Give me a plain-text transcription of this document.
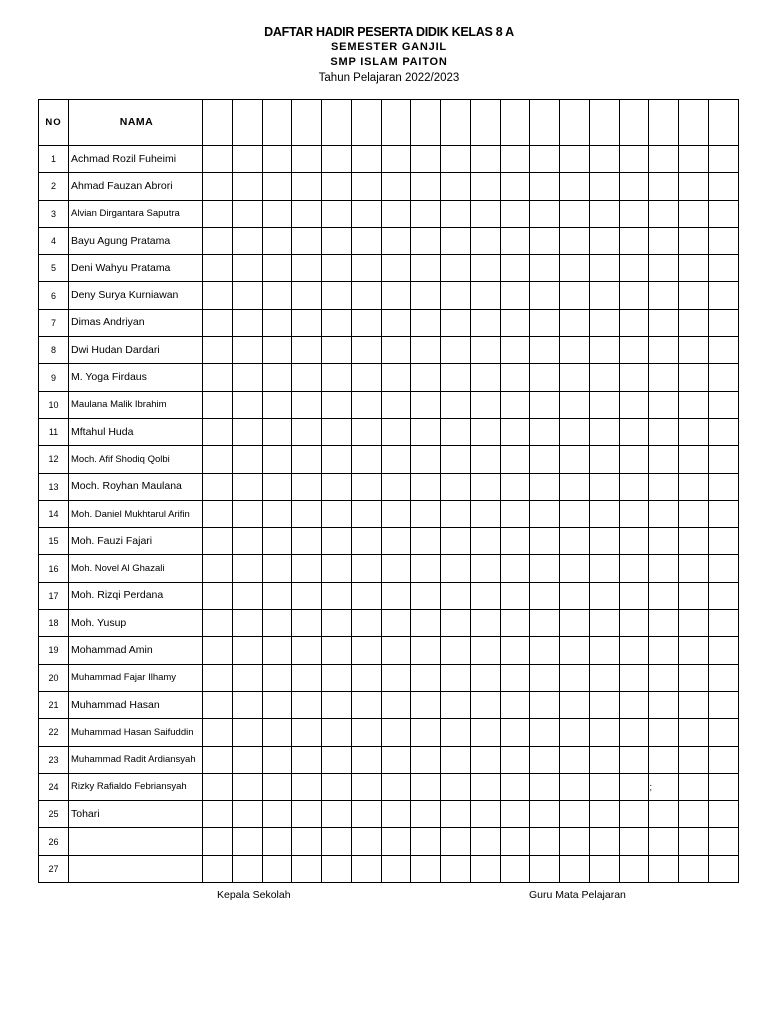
DAFTAR HADIR PESERTA DIDIK KELAS 8 A
SEMESTER GANJIL
SMP ISLAM PAITON
Tahun Pelajaran 2022/2023
NO	NAMA																		
1	Achmad Rozil Fuheimi																		
2	Ahmad Fauzan Abrori																		
3	Alvian Dirgantara Saputra																		
4	Bayu Agung Pratama																		
5	Deni Wahyu Pratama																		
6	Deny Surya Kurniawan																		
7	Dimas Andriyan																		
8	Dwi Hudan Dardari																		
9	M. Yoga Firdaus																		
10	Maulana Malik Ibrahim																		
11	Mftahul Huda																		
12	Moch. Afif Shodiq Qolbi																		
13	Moch. Royhan Maulana																		
14	Moh. Daniel Mukhtarul Arifin																		
15	Moh. Fauzi Fajari																		
16	Moh. Novel Al Ghazali																		
17	Moh. Rizqi Perdana																		
18	Moh. Yusup																		
19	Mohammad Amin																		
20	Muhammad Fajar Ilhamy																		
21	Muhammad Hasan																		
22	Muhammad Hasan Saifuddin																		
23	Muhammad Radit Ardiansyah																		
24	Rizky Rafialdo Febriansyah																;		
25	Tohari																		
26																			
27																			
Kepala Sekolah	Guru Mata Pelajaran
